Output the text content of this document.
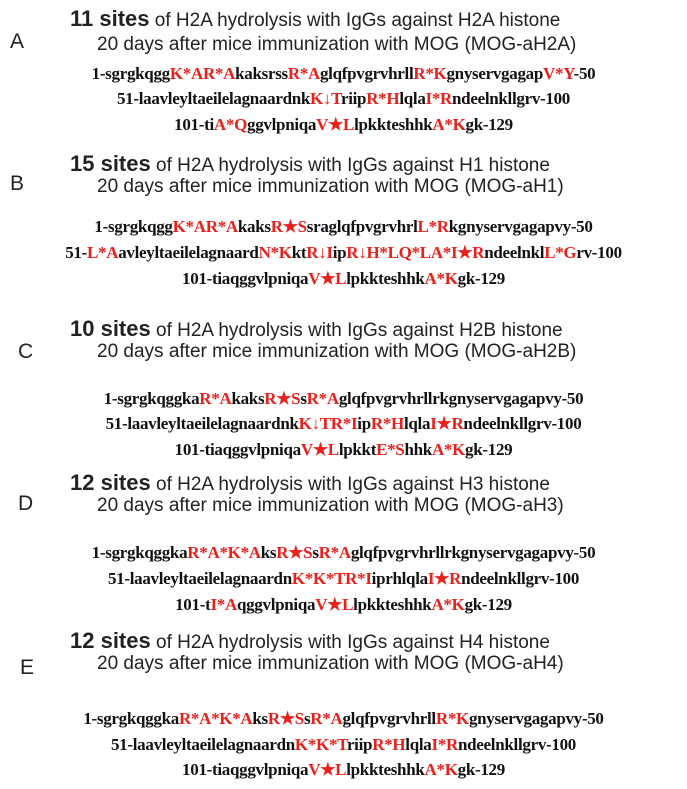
A
11 sites of H2A hydrolysis with IgGs against H2A histone
20 days after mice immunization with MOG (MOG-aH2A)
1-sgrgkqggK*AR*AkaksrssR*AglqfpvgrvhrllR*KgnyservgagapV*Y-50
51-laavleyltaeilelagnaardnkK↓TriipR*HlqlaI*Rndeelnkllgrv-100
101-tiA*QggvlpniqaV★LlpkkteshhkA*Kgk-129
B
15 sites of H2A hydrolysis with IgGs against H1 histone
20 days after mice immunization with MOG (MOG-aH1)
1-sgrgkqggK*AR*AkaksR★SsraglqfpvgrvhrlL*Rkgnyservgagapvy-50
51-L*AavleyltaeilelagnaardN*KktR↓IipR↓H*LQ*LA*I★RndeelnklL*Grv-100
101-tiaqggvlpniqaV★LlpkkteshhkA*Kgk-129
C
10 sites of H2A hydrolysis with IgGs against H2B histone
20 days after mice immunization with MOG (MOG-aH2B)
1-sgrgkqggkaR*AkaksR★SsR*Aglqfpvgrvhrllrkgnyservgagapvy-50
51-laavleyltaeilelagnaardnkK↓TR*IipR*HlqlaI★Rndeelnkllgrv-100
101-tiaqggvlpniqaV★LlpkktE*ShhkA*Kgk-129
D
12 sites of H2A hydrolysis with IgGs against H3 histone
20 days after mice immunization with MOG (MOG-aH3)
1-sgrgkqggkaR*A*K*AksR★SsR*Aglqfpvgrvhrllrkgnyservgagapvy-50
51-laavleyltaeilelagnaardnK*K*TR*IiprhlqlaI★Rndeelnkllgrv-100
101-tI*AqggvlpniqaV★LlpkkteshhkA*Kgk-129
E
12 sites of H2A hydrolysis with IgGs against H4 histone
20 days after mice immunization with MOG (MOG-aH4)
1-sgrgkqggkaR*A*K*AksR★SsR*AglqfpvgrvhrllR*Kgnyservgagapvy-50
51-laavleyltaeilelagnaardnK*K*TriipR*HlqlaI*Rndeelnkllgrv-100
101-tiaqggvlpniqaV★LlpkkteshhkA*Kgk-129
